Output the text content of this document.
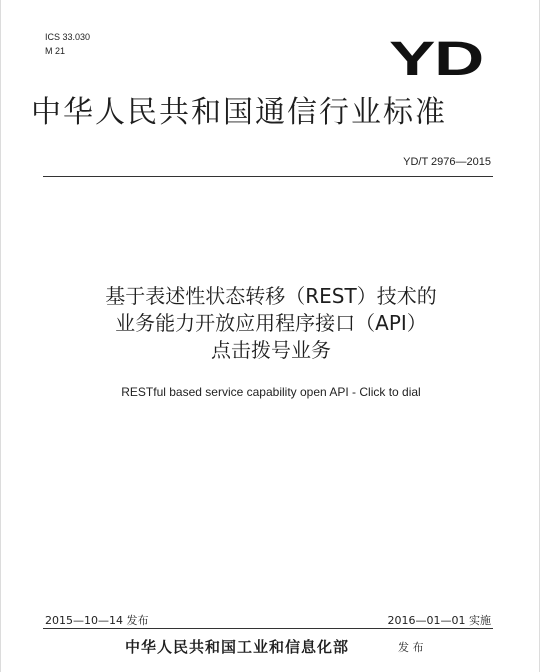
ICS 33.030
M 21	YD
中华人民共和国通信行业标准
YD/T 2976—2015
基于表述性状态转移（REST）技术的
业务能力开放应用程序接口（API）
点击拨号业务
RESTful based service capability open API - Click to dial
2015—10—14 发布	2016—01—01 实施
中华人民共和国工业和信息化部	发 布
